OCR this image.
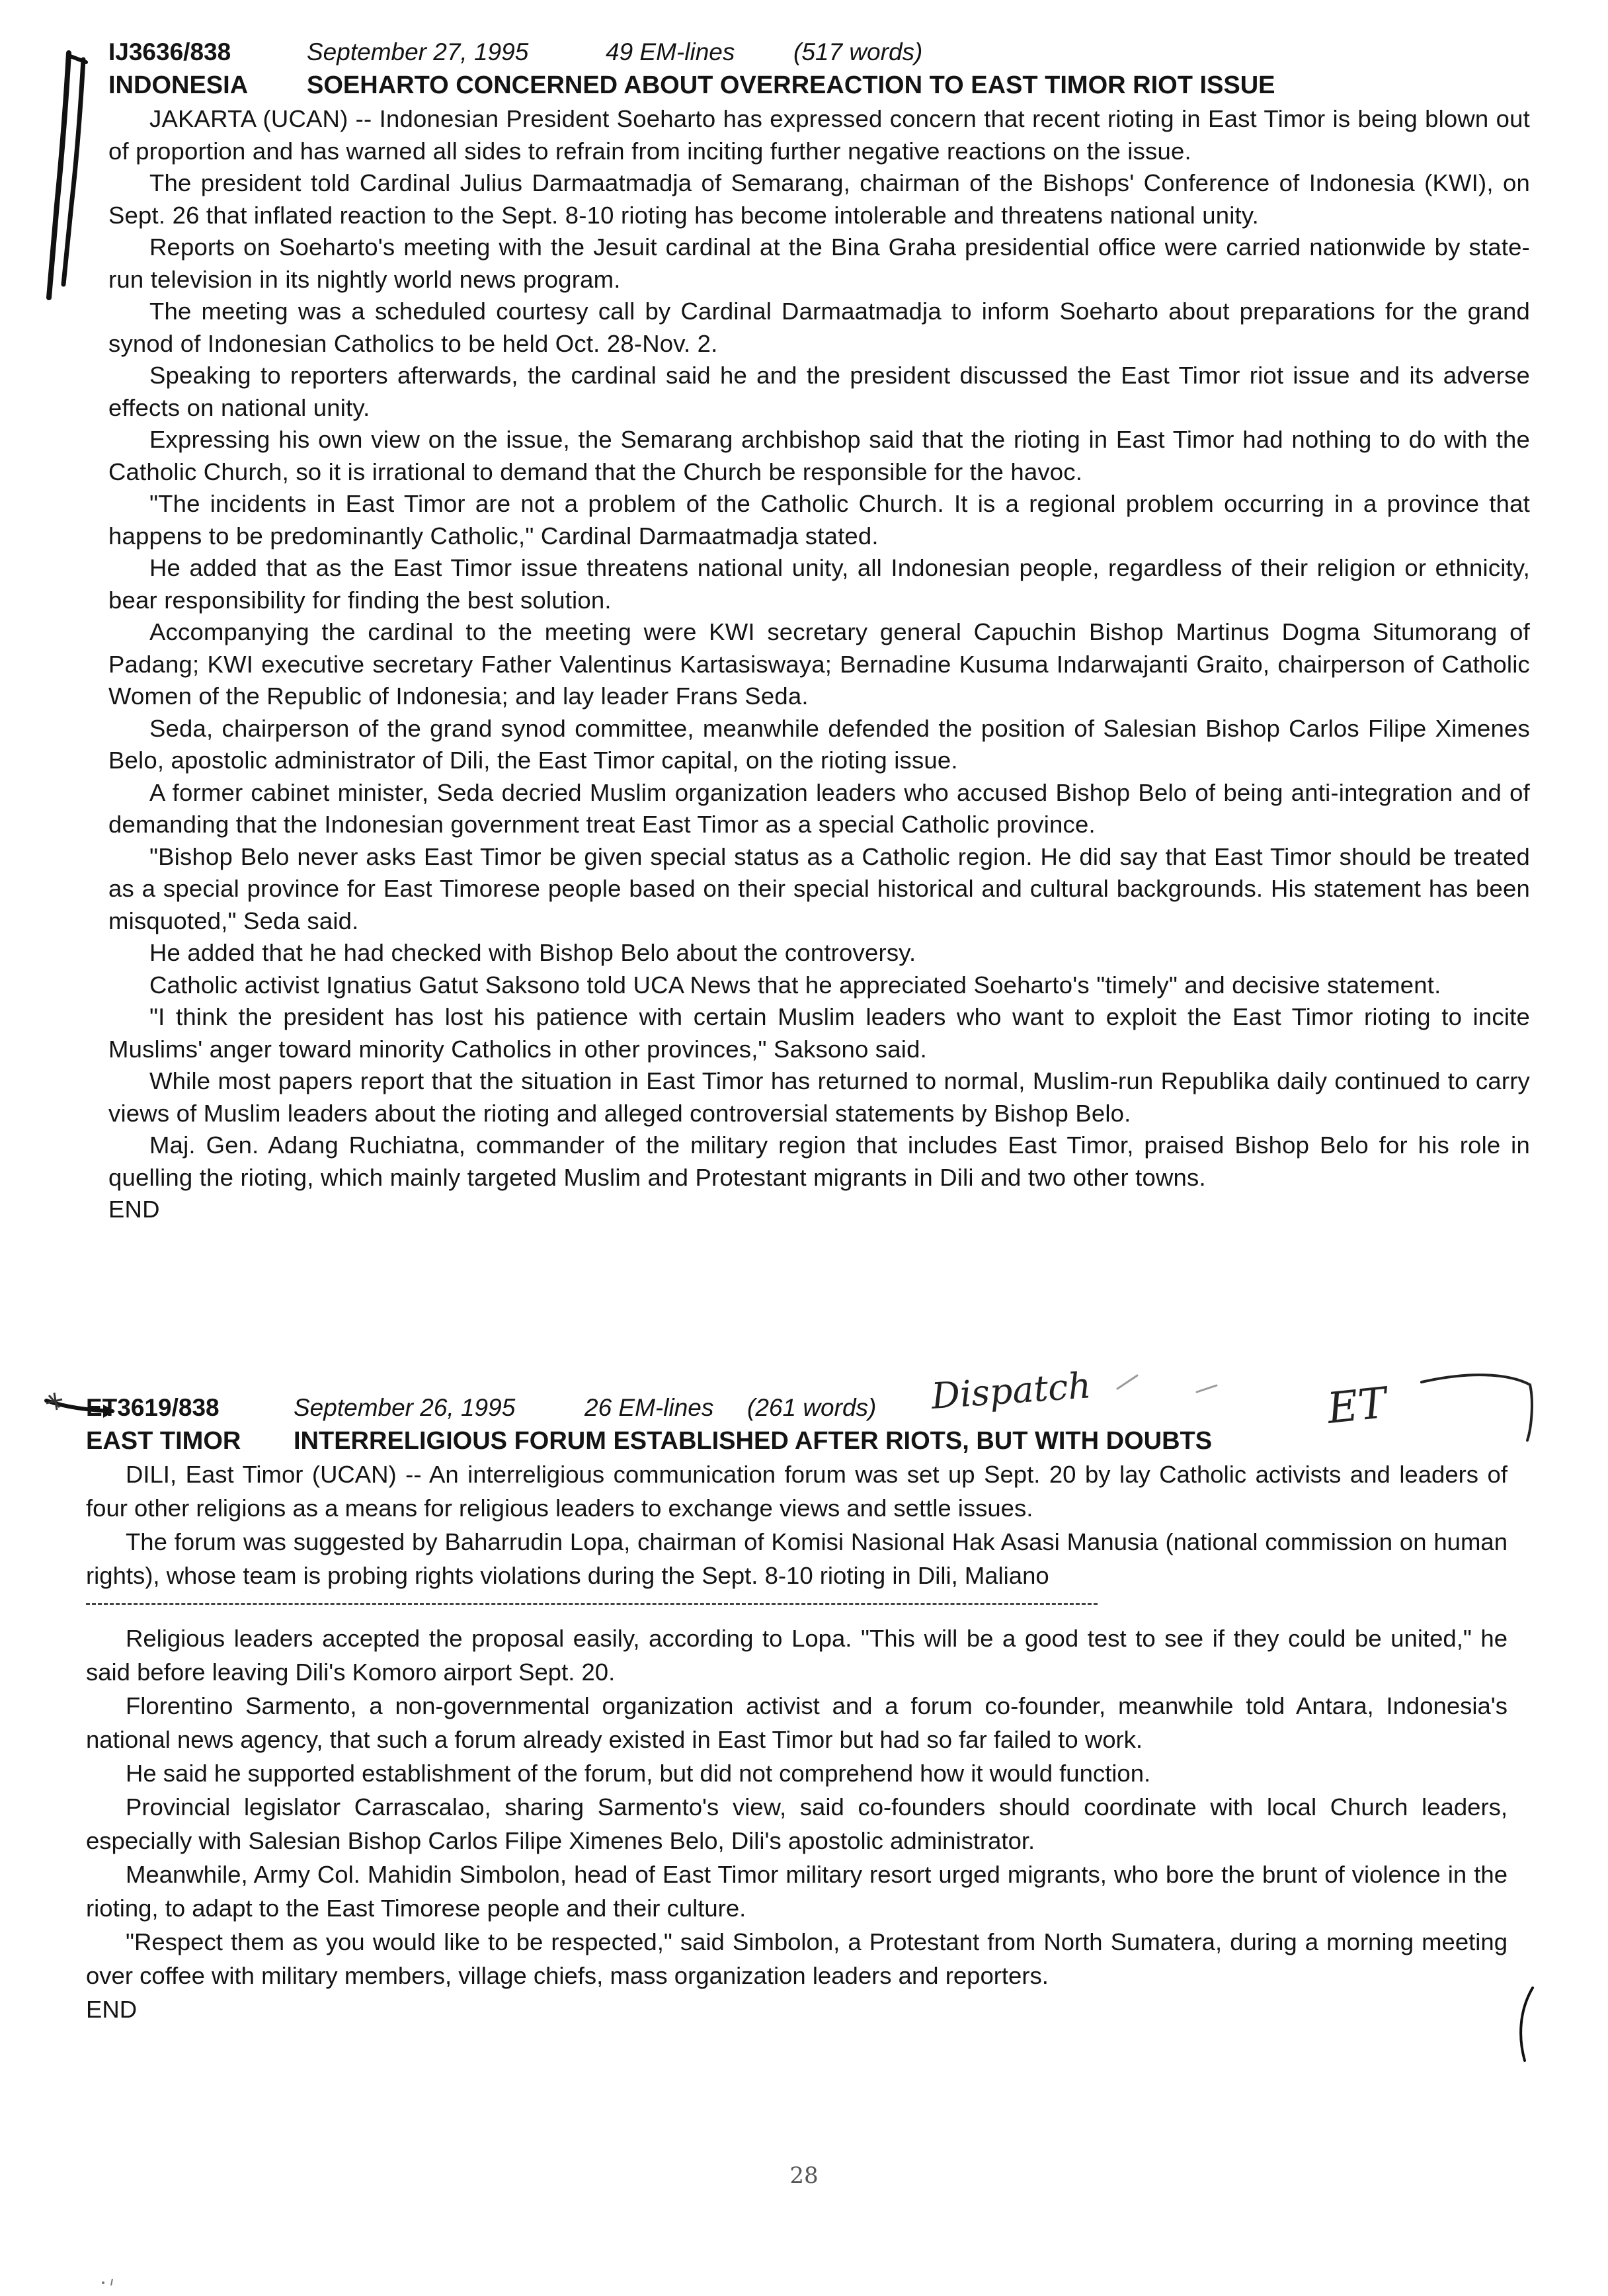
IJ3636/838	September 27, 1995	49 EM-lines	(517 words)
INDONESIA	SOEHARTO CONCERNED ABOUT OVERREACTION TO EAST TIMOR RIOT ISSUE

JAKARTA (UCAN) -- Indonesian President Soeharto has expressed concern that recent rioting in East Timor is being blown out of proportion and has warned all sides to refrain from inciting further negative reactions on the issue.

The president told Cardinal Julius Darmaatmadja of Semarang, chairman of the Bishops' Conference of Indonesia (KWI), on Sept. 26 that inflated reaction to the Sept. 8-10 rioting has become intolerable and threatens national unity.

Reports on Soeharto's meeting with the Jesuit cardinal at the Bina Graha presidential office were carried nationwide by state-run television in its nightly world news program.

The meeting was a scheduled courtesy call by Cardinal Darmaatmadja to inform Soeharto about preparations for the grand synod of Indonesian Catholics to be held Oct. 28-Nov. 2.

Speaking to reporters afterwards, the cardinal said he and the president discussed the East Timor riot issue and its adverse effects on national unity.

Expressing his own view on the issue, the Semarang archbishop said that the rioting in East Timor had nothing to do with the Catholic Church, so it is irrational to demand that the Church be responsible for the havoc.

"The incidents in East Timor are not a problem of the Catholic Church. It is a regional problem occurring in a province that happens to be predominantly Catholic," Cardinal Darmaatmadja stated.

He added that as the East Timor issue threatens national unity, all Indonesian people, regardless of their religion or ethnicity, bear responsibility for finding the best solution.

Accompanying the cardinal to the meeting were KWI secretary general Capuchin Bishop Martinus Dogma Situmorang of Padang; KWI executive secretary Father Valentinus Kartasiswaya; Bernadine Kusuma Indarwajanti Graito, chairperson of Catholic Women of the Republic of Indonesia; and lay leader Frans Seda.

Seda, chairperson of the grand synod committee, meanwhile defended the position of Salesian Bishop Carlos Filipe Ximenes Belo, apostolic administrator of Dili, the East Timor capital, on the rioting issue.

A former cabinet minister, Seda decried Muslim organization leaders who accused Bishop Belo of being anti-integration and of demanding that the Indonesian government treat East Timor as a special Catholic province.

"Bishop Belo never asks East Timor be given special status as a Catholic region. He did say that East Timor should be treated as a special province for East Timorese people based on their special historical and cultural backgrounds. His statement has been misquoted," Seda said.

He added that he had checked with Bishop Belo about the controversy.

Catholic activist Ignatius Gatut Saksono told UCA News that he appreciated Soeharto's "timely" and decisive statement.

"I think the president has lost his patience with certain Muslim leaders who want to exploit the East Timor rioting to incite Muslims' anger toward minority Catholics in other provinces," Saksono said.

While most papers report that the situation in East Timor has returned to normal, Muslim-run Republika daily continued to carry views of Muslim leaders about the rioting and alleged controversial statements by Bishop Belo.

Maj. Gen. Adang Ruchiatna, commander of the military region that includes East Timor, praised Bishop Belo for his role in quelling the rioting, which mainly targeted Muslim and Protestant migrants in Dili and two other towns.

END

Dispatch	ET
ET3619/838	September 26, 1995	26 EM-lines	(261 words)
EAST TIMOR	INTERRELIGIOUS FORUM ESTABLISHED AFTER RIOTS, BUT WITH DOUBTS

DILI, East Timor (UCAN) -- An interreligious communication forum was set up Sept. 20 by lay Catholic activists and leaders of four other religions as a means for religious leaders to exchange views and settle issues.

The forum was suggested by Baharrudin Lopa, chairman of Komisi Nasional Hak Asasi Manusia (national commission on human rights), whose team is probing rights violations during the Sept. 8-10 rioting in Dili, Maliano

Religious leaders accepted the proposal easily, according to Lopa. "This will be a good test to see if they could be united," he said before leaving Dili's Komoro airport Sept. 20.

Florentino Sarmento, a non-governmental organization activist and a forum co-founder, meanwhile told Antara, Indonesia's national news agency, that such a forum already existed in East Timor but had so far failed to work.

He said he supported establishment of the forum, but did not comprehend how it would function.

Provincial legislator Carrascalao, sharing Sarmento's view, said co-founders should coordinate with local Church leaders, especially with Salesian Bishop Carlos Filipe Ximenes Belo, Dili's apostolic administrator.

Meanwhile, Army Col. Mahidin Simbolon, head of East Timor military resort urged migrants, who bore the brunt of violence in the rioting, to adapt to the East Timorese people and their culture.

"Respect them as you would like to be respected," said Simbolon, a Protestant from North Sumatera, during a morning meeting over coffee with military members, village chiefs, mass organization leaders and reporters.

END

28
